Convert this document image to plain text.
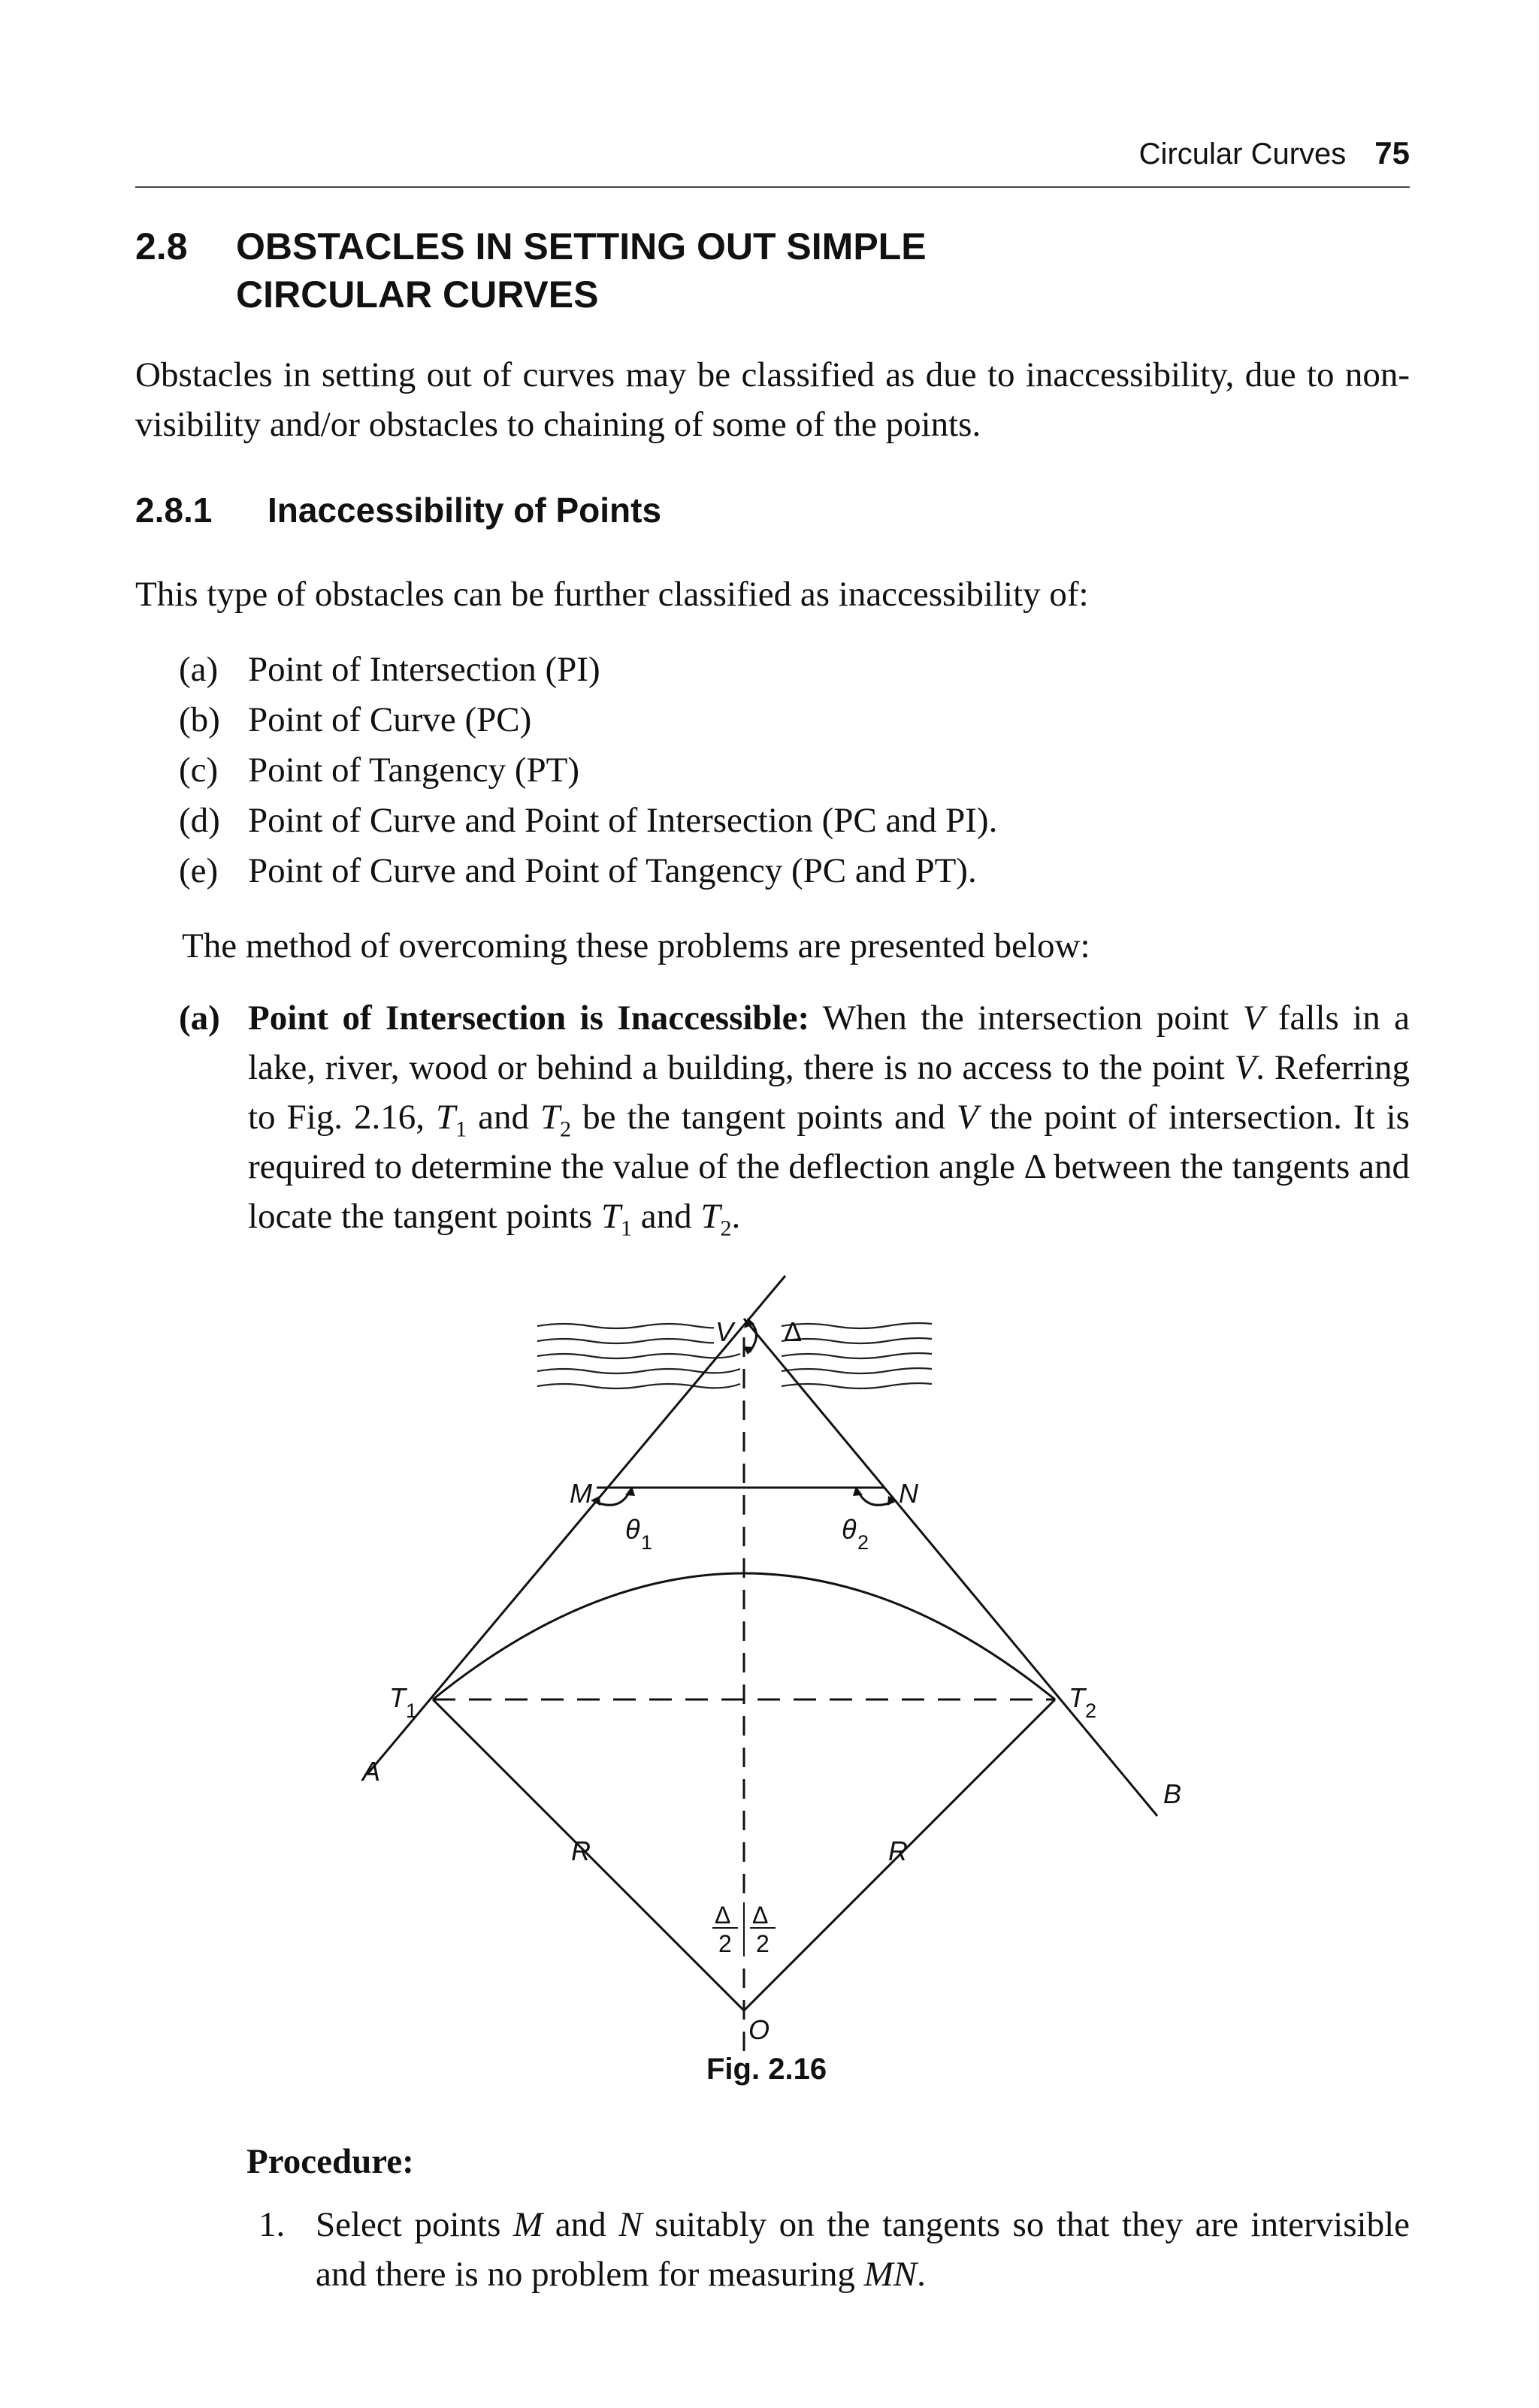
Circular Curves 75
2.8 OBSTACLES IN SETTING OUT SIMPLE
CIRCULAR CURVES

Obstacles in setting out of curves may be classified as due to inaccessibility, due to non-visibility and/or obstacles to chaining of some of the points.

2.8.1 Inaccessibility of Points

This type of obstacles can be further classified as inaccessibility of:

(a) Point of Intersection (PI)
(b) Point of Curve (PC)
(c) Point of Tangency (PT)
(d) Point of Curve and Point of Intersection (PC and PI).
(e) Point of Curve and Point of Tangency (PC and PT).

The method of overcoming these problems are presented below:

(a) Point of Intersection is Inaccessible: When the intersection point V falls in a lake, river, wood or behind a building, there is no access to the point V. Referring to Fig. 2.16, $T_1$ and $T_2$ be the tangent points and V the point of intersection. It is required to determine the value of the deflection angle Δ between the tangents and locate the tangent points $T_1$ and $T_2$.
V Δ
M	N
θ 1	θ 2
T 1	T 2
A
B
R	R
Δ
2
Δ
2
O
Fig. 2.16
Procedure:
1. Select points M and N suitably on the tangents so that they are intervisible and there is no problem for measuring MN.
